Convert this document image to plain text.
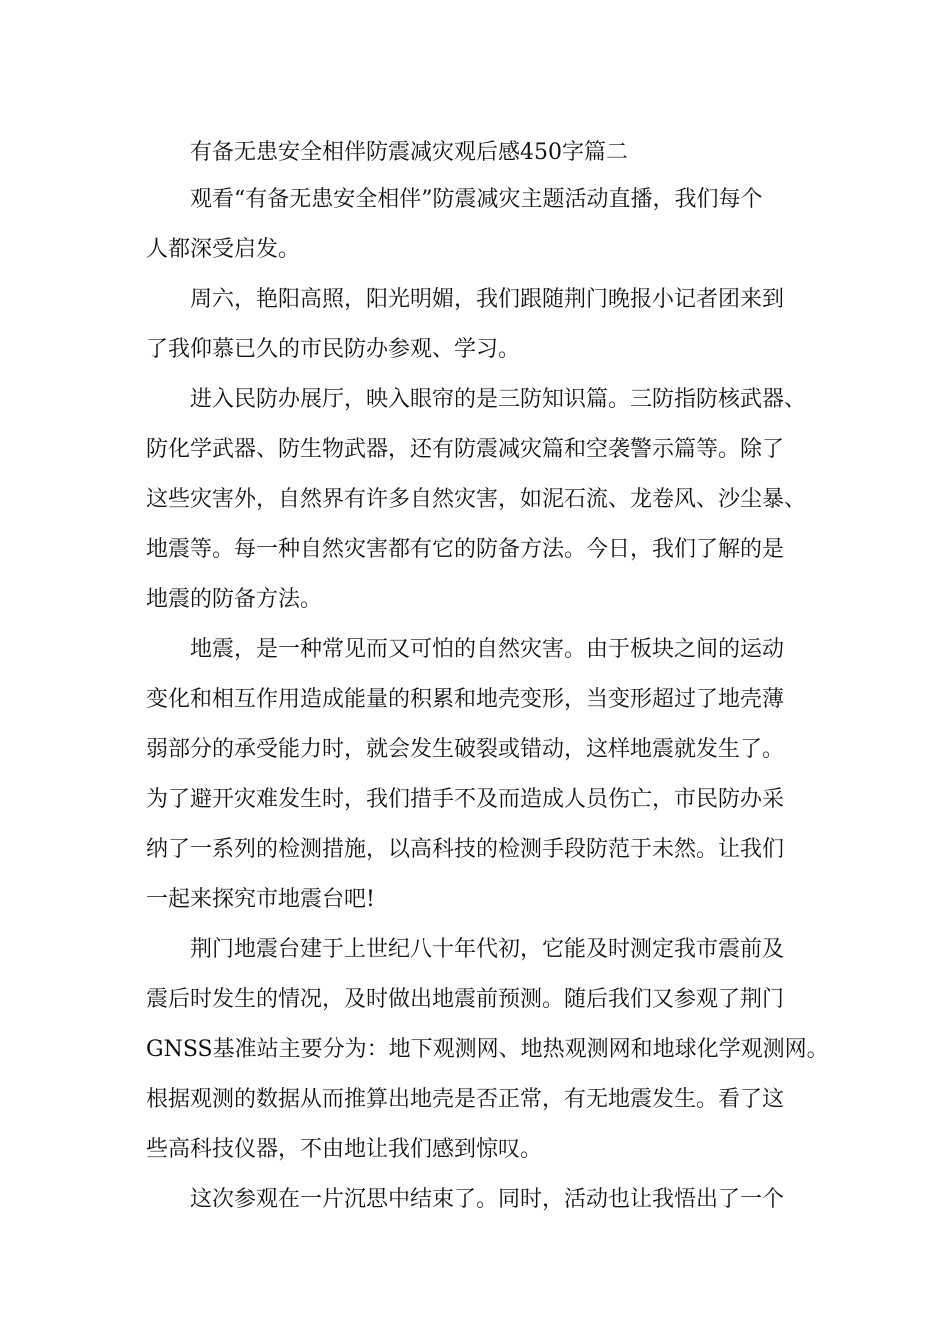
有备无患安全相伴防震减灾观后感450字篇二

观看“有备无患安全相伴”防震减灾主题活动直播，我们每个

人都深受启发。

周六，艳阳高照，阳光明媚，我们跟随荆门晚报小记者团来到

了我仰慕已久的市民防办参观、学习。

进入民防办展厅，映入眼帘的是三防知识篇。三防指防核武器、

防化学武器、防生物武器，还有防震减灾篇和空袭警示篇等。除了

这些灾害外，自然界有许多自然灾害，如泥石流、龙卷风、沙尘暴、

地震等。每一种自然灾害都有它的防备方法。今日，我们了解的是

地震的防备方法。

地震，是一种常见而又可怕的自然灾害。由于板块之间的运动

变化和相互作用造成能量的积累和地壳变形，当变形超过了地壳薄

弱部分的承受能力时，就会发生破裂或错动，这样地震就发生了。

为了避开灾难发生时，我们措手不及而造成人员伤亡，市民防办采

纳了一系列的检测措施，以高科技的检测手段防范于未然。让我们

一起来探究市地震台吧!

荆门地震台建于上世纪八十年代初，它能及时测定我市震前及

震后时发生的情况，及时做出地震前预测。随后我们又参观了荆门

GNSS基准站主要分为：地下观测网、地热观测网和地球化学观测网。

根据观测的数据从而推算出地壳是否正常，有无地震发生。看了这

些高科技仪器，不由地让我们感到惊叹。

这次参观在一片沉思中结束了。同时，活动也让我悟出了一个
